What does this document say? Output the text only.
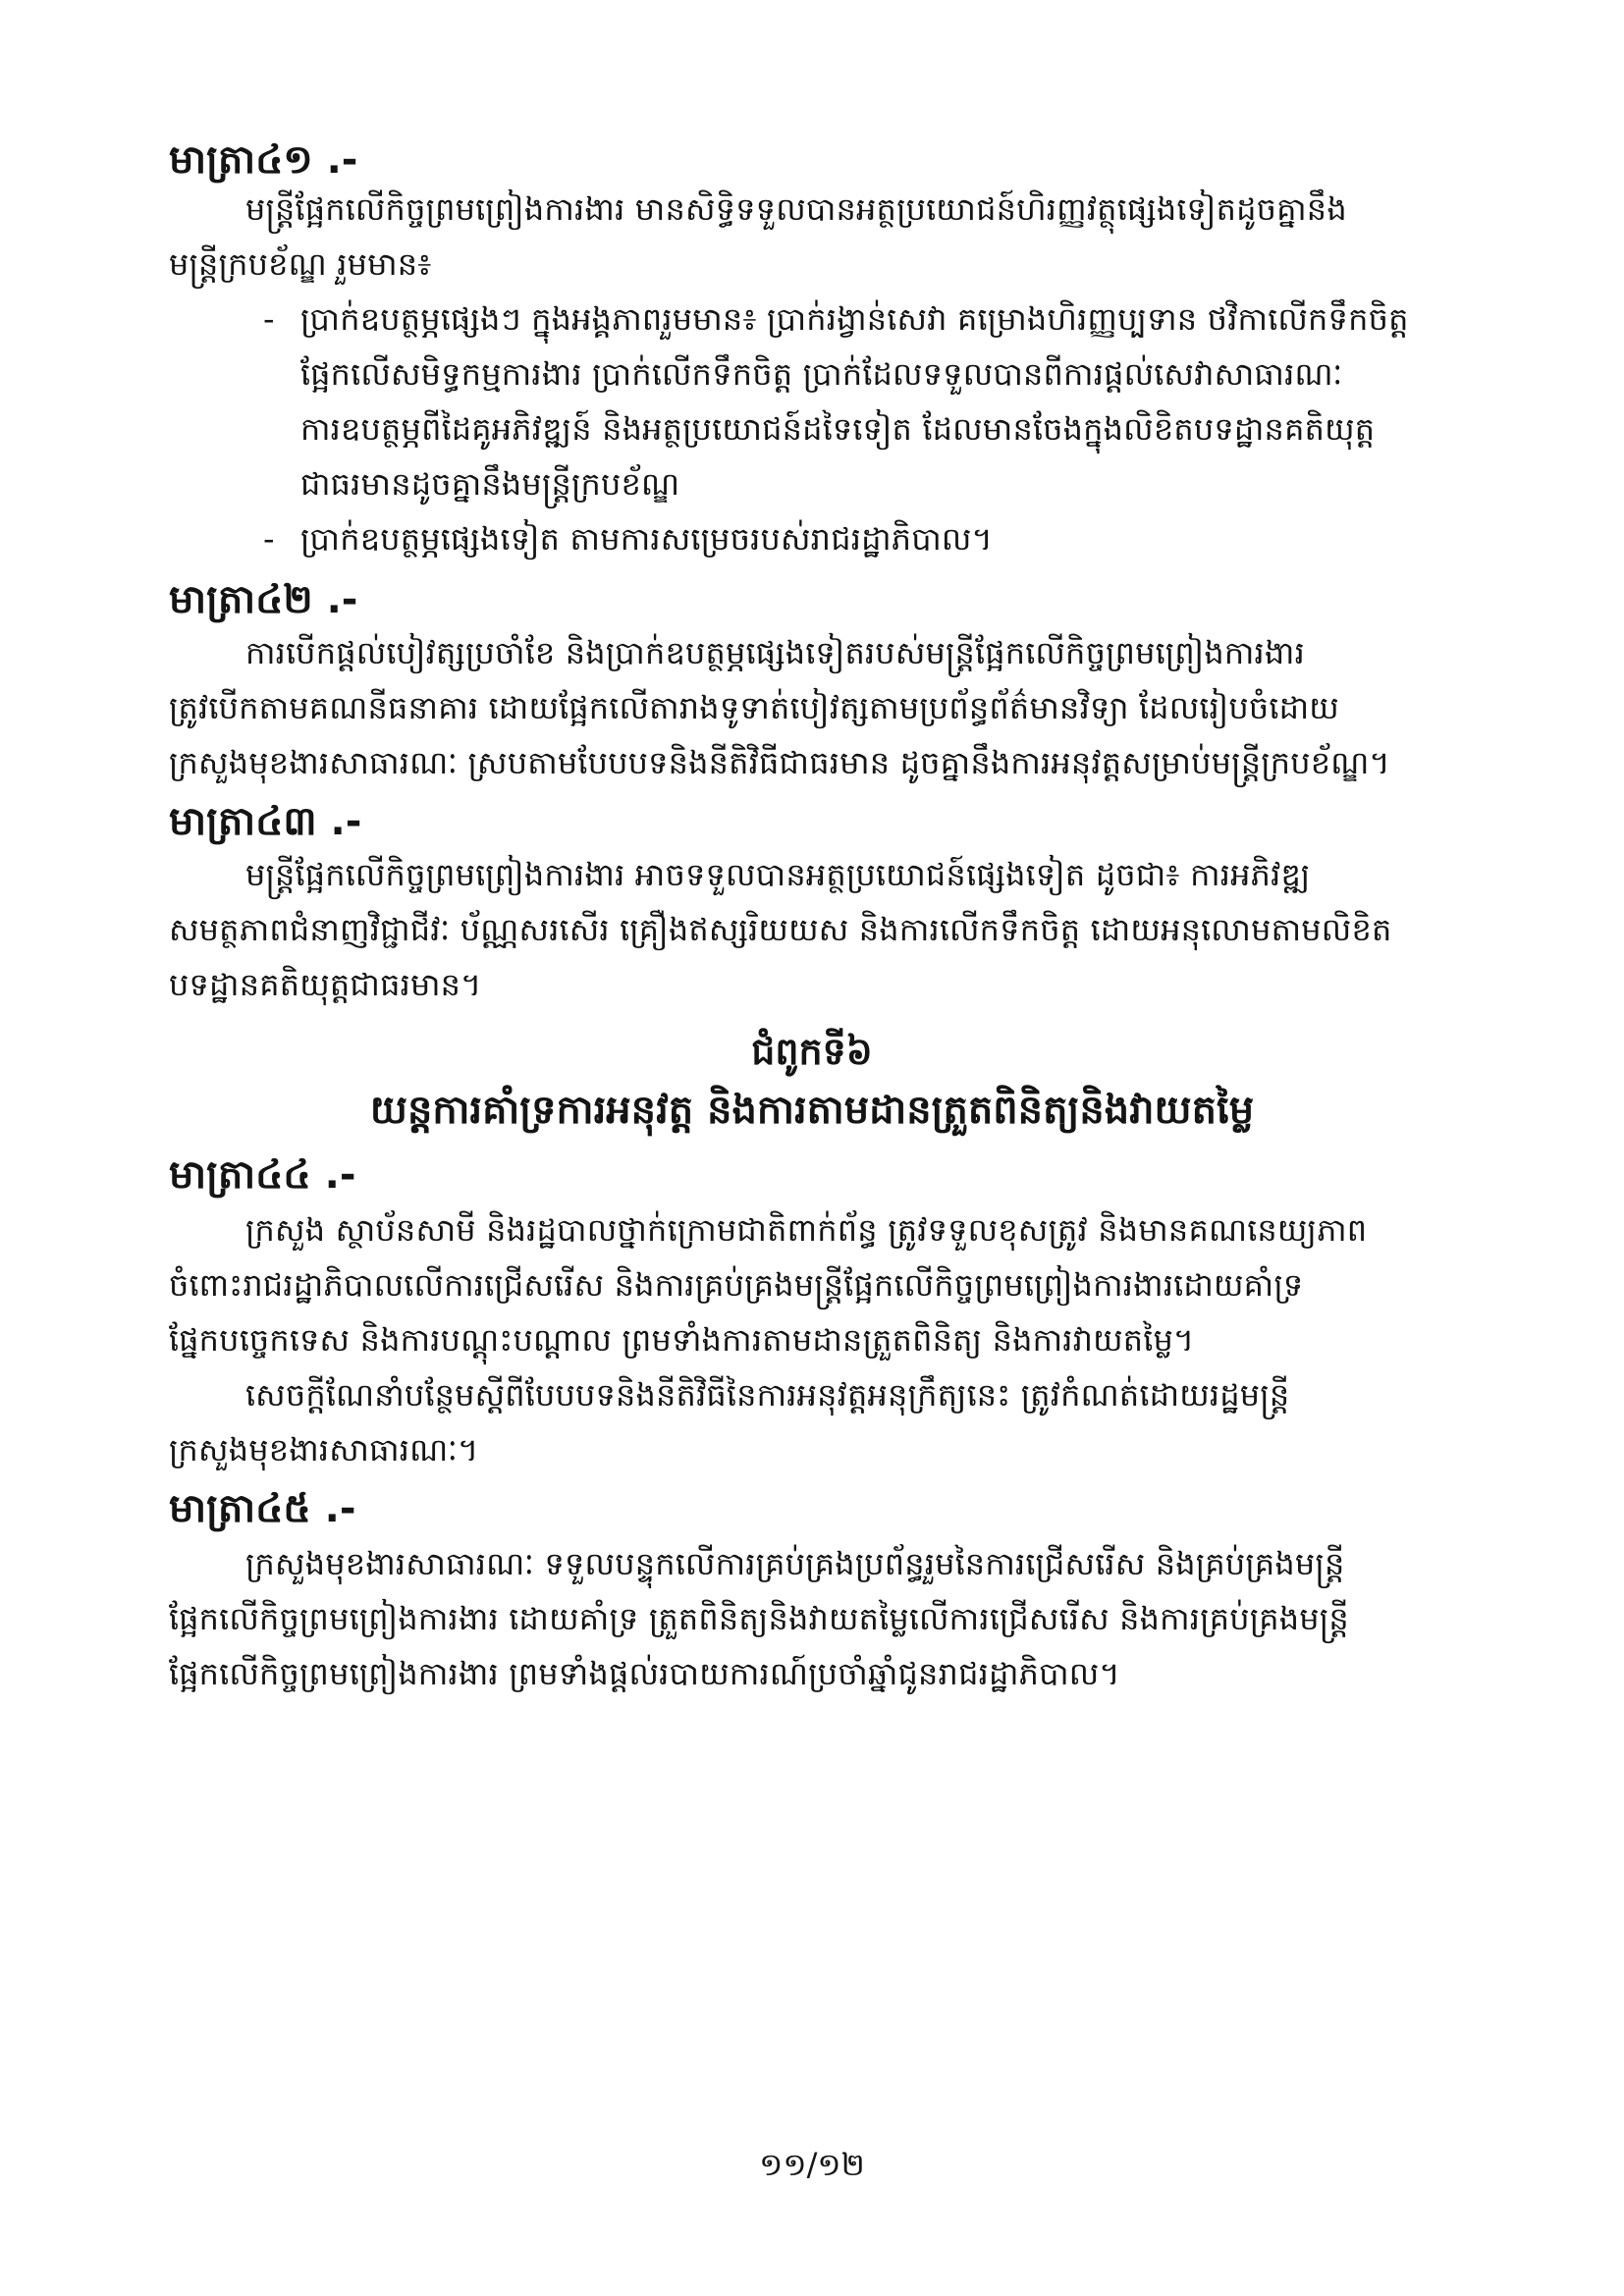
មាត្រា៤១ .-
មន្ត្រីផ្អែកលើកិច្ចព្រមព្រៀងការងារ មានសិទ្ធិទទួលបានអត្ថប្រយោជន៍ហិរញ្ញវត្ថុផ្សេងទៀតដូចគ្នានឹង
មន្ត្រីក្របខ័ណ្ឌ រួមមាន៖
- ប្រាក់ឧបត្ថម្ភផ្សេងៗ ក្នុងអង្គភាពរួមមាន៖ ប្រាក់រង្វាន់សេវា គម្រោងហិរញ្ញប្បទាន ថវិកាលើកទឹកចិត្ត
ផ្អែកលើសមិទ្ធកម្មការងារ ប្រាក់លើកទឹកចិត្ត ប្រាក់ដែលទទួលបានពីការផ្ដល់សេវាសាធារណៈ
ការឧបត្ថម្ភពីដៃគូអភិវឌ្ឍន៍ និងអត្ថប្រយោជន៍ដទៃទៀត ដែលមានចែងក្នុងលិខិតបទដ្ឋានគតិយុត្ត
ជាធរមានដូចគ្នានឹងមន្ត្រីក្របខ័ណ្ឌ
- ប្រាក់ឧបត្ថម្ភផ្សេងទៀត តាមការសម្រេចរបស់រាជរដ្ឋាភិបាល។
មាត្រា៤២ .-
ការបើកផ្ដល់បៀវត្សប្រចាំខែ និងប្រាក់ឧបត្ថម្ភផ្សេងទៀតរបស់មន្ត្រីផ្អែកលើកិច្ចព្រមព្រៀងការងារ
ត្រូវបើកតាមគណនីធនាគារ ដោយផ្អែកលើតារាងទូទាត់បៀវត្សតាមប្រព័ន្ធព័ត៌មានវិទ្យា ដែលរៀបចំដោយ
ក្រសួងមុខងារសាធារណៈ ស្របតាមបែបបទនិងនីតិវិធីជាធរមាន ដូចគ្នានឹងការអនុវត្តសម្រាប់មន្ត្រីក្របខ័ណ្ឌ។
មាត្រា៤៣ .-
មន្ត្រីផ្អែកលើកិច្ចព្រមព្រៀងការងារ អាចទទួលបានអត្ថប្រយោជន៍ផ្សេងទៀត ដូចជា៖ ការអភិវឌ្ឍ
សមត្ថភាពជំនាញវិជ្ជាជីវៈ ប័ណ្ណសរសើរ គ្រឿងឥស្សរិយយស និងការលើកទឹកចិត្ត ដោយអនុលោមតាមលិខិត
បទដ្ឋានគតិយុត្តជាធរមាន។
ជំពូកទី៦
យន្តការគាំទ្រការអនុវត្ត និងការតាមដានត្រួតពិនិត្យនិងវាយតម្លៃ
មាត្រា៤៤ .-
ក្រសួង ស្ថាប័នសាមី និងរដ្ឋបាលថ្នាក់ក្រោមជាតិពាក់ព័ន្ធ ត្រូវទទួលខុសត្រូវ និងមានគណនេយ្យភាព
ចំពោះរាជរដ្ឋាភិបាលលើការជ្រើសរើស និងការគ្រប់គ្រងមន្ត្រីផ្អែកលើកិច្ចព្រមព្រៀងការងារដោយគាំទ្រ
ផ្នែកបច្ចេកទេស និងការបណ្តុះបណ្តាល ព្រមទាំងការតាមដានត្រួតពិនិត្យ និងការវាយតម្លៃ។
សេចក្ដីណែនាំបន្ថែមស្ដីពីបែបបទនិងនីតិវិធីនៃការអនុវត្តអនុក្រឹត្យនេះ ត្រូវកំណត់ដោយរដ្ឋមន្ត្រី
ក្រសួងមុខងារសាធារណៈ។
មាត្រា៤៥ .-
ក្រសួងមុខងារសាធារណៈ ទទួលបន្ទុកលើការគ្រប់គ្រងប្រព័ន្ធរួមនៃការជ្រើសរើស និងគ្រប់គ្រងមន្ត្រី
ផ្អែកលើកិច្ចព្រមព្រៀងការងារ ដោយគាំទ្រ ត្រួតពិនិត្យនិងវាយតម្លៃលើការជ្រើសរើស និងការគ្រប់គ្រងមន្ត្រី
ផ្អែកលើកិច្ចព្រមព្រៀងការងារ ព្រមទាំងផ្ដល់របាយការណ៍ប្រចាំឆ្នាំជូនរាជរដ្ឋាភិបាល។
១១/១២
